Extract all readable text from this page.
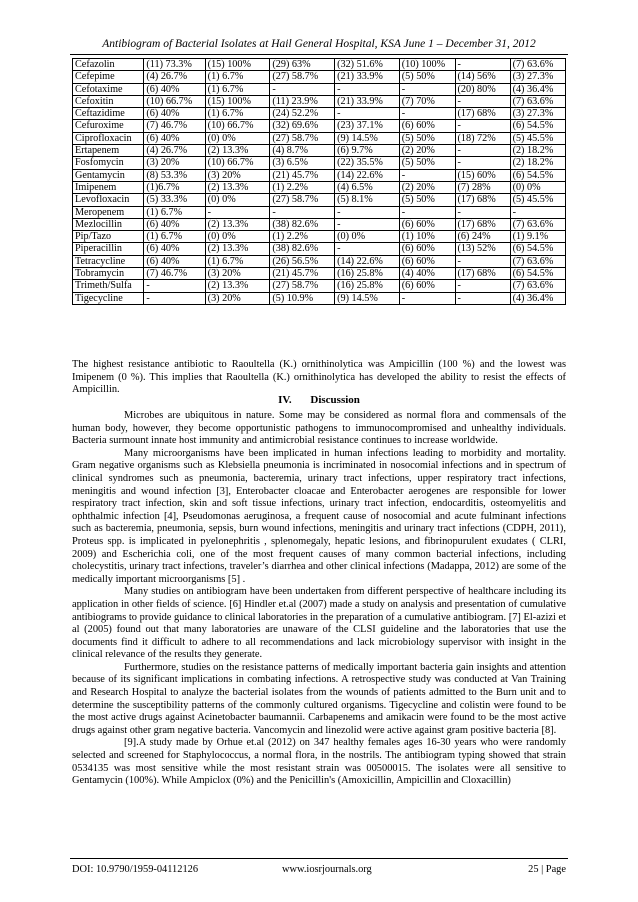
Antibiogram of Bacterial Isolates at Hail General Hospital, KSA June 1 – December 31, 2012
Cefazolin	(11) 73.3%	(15) 100%	(29) 63%	(32) 51.6%	(10) 100%	-	(7) 63.6%
Cefepime	(4) 26.7%	(1) 6.7%	(27) 58.7%	(21) 33.9%	(5) 50%	(14) 56%	(3) 27.3%
Cefotaxime	(6) 40%	(1) 6.7%	-	-	-	(20) 80%	(4) 36.4%
Cefoxitin	(10) 66.7%	(15) 100%	(11) 23.9%	(21) 33.9%	(7) 70%	-	(7) 63.6%
Ceftazidime	(6) 40%	(1) 6.7%	(24) 52.2%	-	-	(17) 68%	(3) 27.3%
Cefuroxime	(7) 46.7%	(10) 66.7%	(32) 69.6%	(23) 37.1%	(6) 60%	-	(6) 54.5%
Ciprofloxacin	(6) 40%	(0) 0%	(27) 58.7%	(9) 14.5%	(5) 50%	(18) 72%	(5) 45.5%
Ertapenem	(4) 26.7%	(2) 13.3%	(4) 8.7%	(6) 9.7%	(2) 20%	-	(2) 18.2%
Fosfomycin	(3) 20%	(10) 66.7%	(3) 6.5%	(22) 35.5%	(5) 50%	-	(2) 18.2%
Gentamycin	(8) 53.3%	(3) 20%	(21) 45.7%	(14) 22.6%	-	(15) 60%	(6) 54.5%
Imipenem	(1)6.7%	(2) 13.3%	(1) 2.2%	(4) 6.5%	(2) 20%	(7) 28%	(0) 0%
Levofloxacin	(5) 33.3%	(0) 0%	(27) 58.7%	(5) 8.1%	(5) 50%	(17) 68%	(5) 45.5%
Meropenem	(1) 6.7%	-	-	-	-	-	-
Mezlocillin	(6) 40%	(2) 13.3%	(38) 82.6%	-	(6) 60%	(17) 68%	(7) 63.6%
Pip/Tazo	(1) 6.7%	(0) 0%	(1) 2.2%	(0) 0%	(1) 10%	(6) 24%	(1) 9.1%
Piperacillin	(6) 40%	(2) 13.3%	(38) 82.6%	-	(6) 60%	(13) 52%	(6) 54.5%
Tetracycline	(6) 40%	(1) 6.7%	(26) 56.5%	(14) 22.6%	(6) 60%	-	(7) 63.6%
Tobramycin	(7) 46.7%	(3) 20%	(21) 45.7%	(16) 25.8%	(4) 40%	(17) 68%	(6) 54.5%
Trimeth/Sulfa	-	(2) 13.3%	(27) 58.7%	(16) 25.8%	(6) 60%	-	(7) 63.6%
Tigecycline	-	(3) 20%	(5) 10.9%	(9) 14.5%	-	-	(4) 36.4%
The highest resistance antibiotic to Raoultella (K.) ornithinolytica was Ampicillin (100 %) and the lowest was Imipenem (0 %). This implies that Raoultella (K.) ornithinolytica has developed the ability to resist the effects of Ampicillin.
IV. Discussion

Microbes are ubiquitous in nature. Some may be considered as normal flora and commensals of the human body, however, they become opportunistic pathogens to immunocompromised and unhealthy individuals. Bacteria surmount innate host immunity and antimicrobial resistance continues to increase worldwide.

Many microorganisms have been implicated in human infections leading to morbidity and mortality. Gram negative organisms such as Klebsiella pneumonia is incriminated in nosocomial infections and in spectrum of clinical syndromes such as pneumonia, bacteremia, urinary tract infections, upper respiratory tract infections, meningitis and wound infection [3], Enterobacter cloacae and Enterobacter aerogenes are responsible for lower respiratory tract infection, skin and soft tissue infections, urinary tract infection, endocarditis, osteomyelitis and ophthalmic infection [4], Pseudomonas aeruginosa, a frequent cause of nosocomial and acute fulminant infections such as bacteremia, pneumonia, sepsis, burn wound infections, meningitis and urinary tract infections (CDPH, 2011), Proteus spp. is implicated in pyelonephritis , splenomegaly, hepatic lesions, and fibrinopurulent exudates ( CLRI, 2009) and Escherichia coli, one of the most frequent causes of many common bacterial infections, including cholecystitis, urinary tract infections, traveler’s diarrhea and other clinical infections (Madappa, 2012) are some of the medically important microorganisms [5] .

Many studies on antibiogram have been undertaken from different perspective of healthcare including its application in other fields of science. [6] Hindler et.al (2007) made a study on analysis and presentation of cumulative antibiograms to provide guidance to clinical laboratories in the preparation of a cumulative antibiogram. [7] El-azizi et al (2005) found out that many laboratories are unaware of the CLSI guideline and the laboratories that use the documents find it difficult to adhere to all recommendations and lack microbiology supervisor with insight in the clinical relevance of the results they generate.

Furthermore, studies on the resistance patterns of medically important bacteria gain insights and attention because of its significant implications in combating infections. A retrospective study was conducted at Van Training and Research Hospital to analyze the bacterial isolates from the wounds of patients admitted to the Burn unit and to determine the susceptibility patterns of the commonly cultured organisms. Tigecycline and colistin were found to be the most active drugs against Acinetobacter baumannii. Carbapenems and amikacin were found to be the most active drugs against other gram negative bacteria. Vancomycin and linezolid were active against gram positive bacteria [8].

[9].A study made by Orhue et.al (2012) on 347 healthy females ages 16-30 years who were randomly selected and screened for Staphylococcus, a normal flora, in the nostrils. The antibiogram typing showed that strain 0534135 was most sensitive while the most resistant strain was 00500015. The isolates were all sensitive to Gentamycin (100%). While Ampiclox (0%) and the Penicillin's (Amoxicillin, Ampicillin and Cloxacillin)

DOI: 10.9790/1959-04112126	www.iosrjournals.org	25 | Page
